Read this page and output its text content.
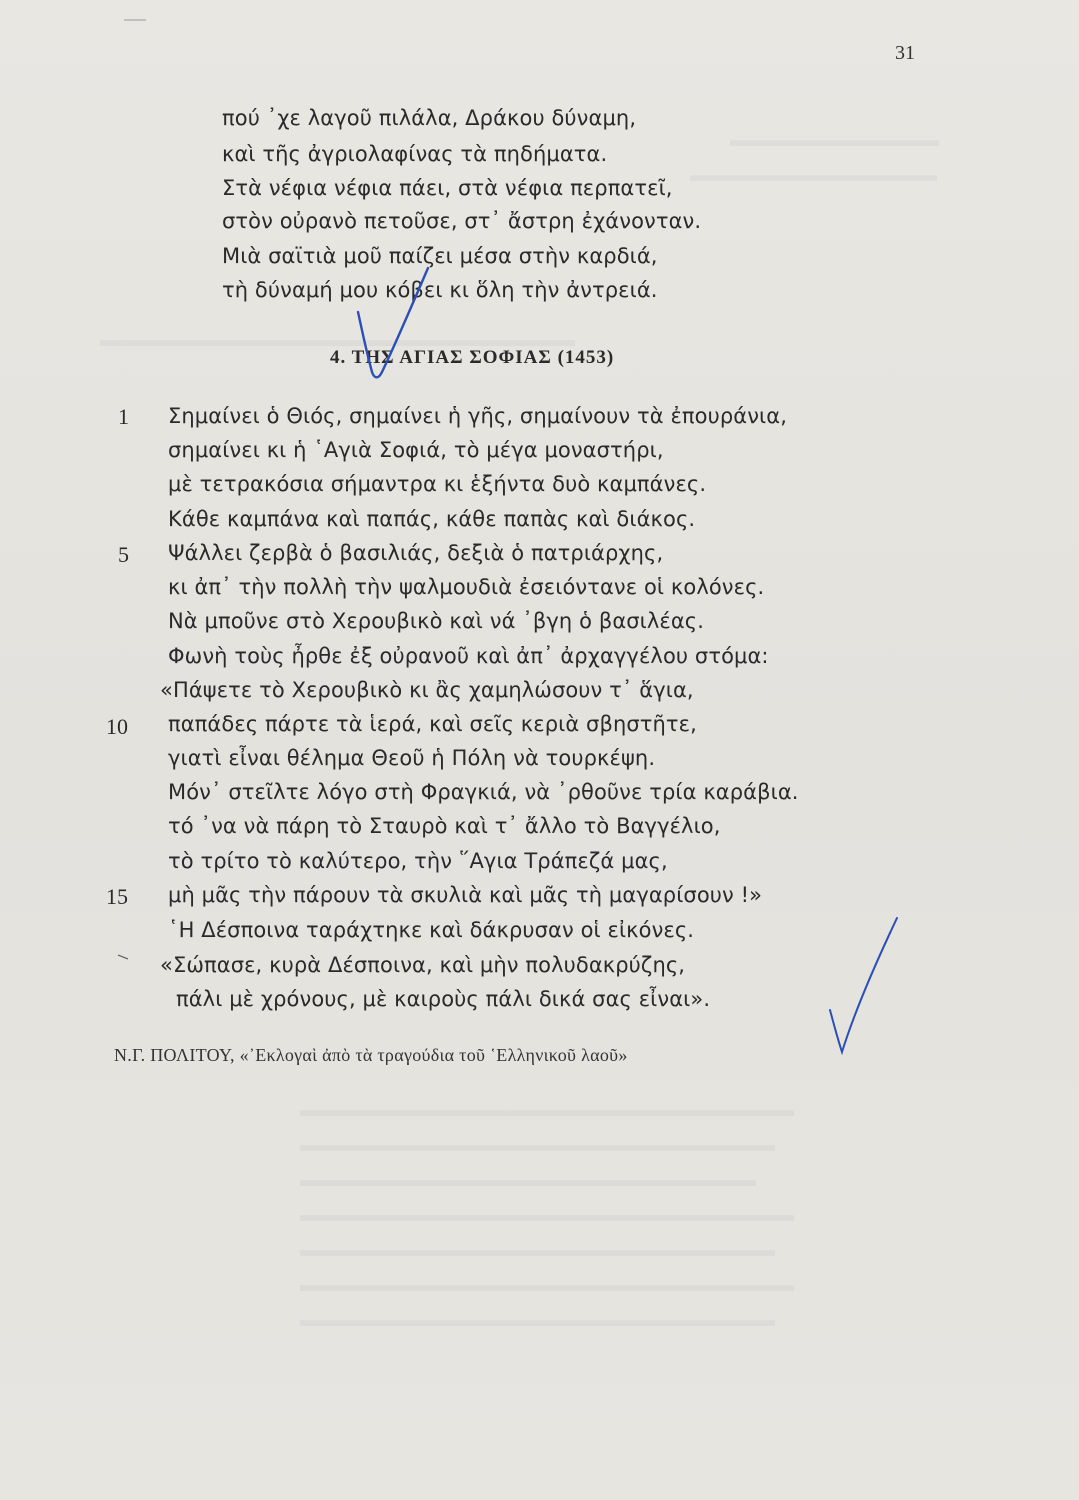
31
πού ᾿χε λαγοῦ πιλάλα, Δράκου δύναμη,
καὶ τῆς ἀγριολαφίνας τὰ πηδήματα.
Στὰ νέφια νέφια πάει, στὰ νέφια περπατεῖ,
στὸν οὐρανὸ πετοῦσε, στ᾿ ἄστρη ἐχάνονταν.
Μιὰ σαϊτιὰ μοῦ παίζει μέσα στὴν καρδιά,
τὴ δύναμή μου κόβει κι ὅλη τὴν ἀντρειά.
4. ΤΗΣ ΑΓΙΑΣ ΣΟΦΙΑΣ (1453)
1
5
10
15
Σημαίνει ὁ Θιός, σημαίνει ἡ γῆς, σημαίνουν τὰ ἐπουράνια,
σημαίνει κι ἡ ῾Αγιὰ Σοφιά, τὸ μέγα μοναστήρι,
μὲ τετρακόσια σήμαντρα κι ἑξήντα δυὸ καμπάνες.
Κάθε καμπάνα καὶ παπάς, κάθε παπὰς καὶ διάκος.
Ψάλλει ζερβὰ ὁ βασιλιάς, δεξιὰ ὁ πατριάρχης,
κι ἀπ᾿ τὴν πολλὴ τὴν ψαλμουδιὰ ἐσειόντανε οἱ κολόνες.
Νὰ μποῦνε στὸ Χερουβικὸ καὶ νά ᾿βγη ὁ βασιλέας.
Φωνὴ τοὺς ἦρθε ἐξ οὐρανοῦ καὶ ἀπ᾿ ἀρχαγγέλου στόμα:
«Πάψετε τὸ Χερουβικὸ κι ἂς χαμηλώσουν τ᾿ ἅγια,
παπάδες πάρτε τὰ ἱερά, καὶ σεῖς κεριὰ σβηστῆτε,
γιατὶ εἶναι θέλημα Θεοῦ ἡ Πόλη νὰ τουρκέψη.
Μόν᾿ στεῖλτε λόγο στὴ Φραγκιά, νὰ ᾿ρθοῦνε τρία καράβια.
τό ᾿να νὰ πάρη τὸ Σταυρὸ καὶ τ᾿ ἄλλο τὸ Βαγγέλιο,
τὸ τρίτο τὸ καλύτερο, τὴν ῞Αγια Τράπεζά μας,
μὴ μᾶς τὴν πάρουν τὰ σκυλιὰ καὶ μᾶς τὴ μαγαρίσουν !»
῾Η Δέσποινα ταράχτηκε καὶ δάκρυσαν οἱ εἰκόνες.
«Σώπασε, κυρὰ Δέσποινα, καὶ μὴν πολυδακρύζης,
πάλι μὲ χρόνους, μὲ καιροὺς πάλι δικά σας εἶναι».
Ν.Γ. ΠΟΛΙΤΟΥ, «᾿Εκλογαὶ ἀπὸ τὰ τραγούδια τοῦ ῾Ελληνικοῦ λαοῦ»
▬▬▬▬▬▬▬▬▬▬▬
▬▬▬▬▬▬▬▬▬▬▬▬▬
▬▬▬▬▬▬▬▬▬▬▬▬▬▬▬▬▬▬▬▬▬▬▬▬▬
▬▬▬▬▬▬▬▬▬▬▬▬▬▬▬▬▬▬▬▬▬▬▬▬▬▬
▬▬▬▬▬▬▬▬▬▬▬▬▬▬▬▬▬▬▬▬▬▬▬▬▬
▬▬▬▬▬▬▬▬▬▬▬▬▬▬▬▬▬▬▬▬▬▬▬▬
▬▬▬▬▬▬▬▬▬▬▬▬▬▬▬▬▬▬▬▬▬▬▬▬▬▬
▬▬▬▬▬▬▬▬▬▬▬▬▬▬▬▬▬▬▬▬▬▬▬▬▬
▬▬▬▬▬▬▬▬▬▬▬▬▬▬▬▬▬▬▬▬▬▬▬▬▬▬
▬▬▬▬▬▬▬▬▬▬▬▬▬▬▬▬▬▬▬▬▬▬▬▬▬
